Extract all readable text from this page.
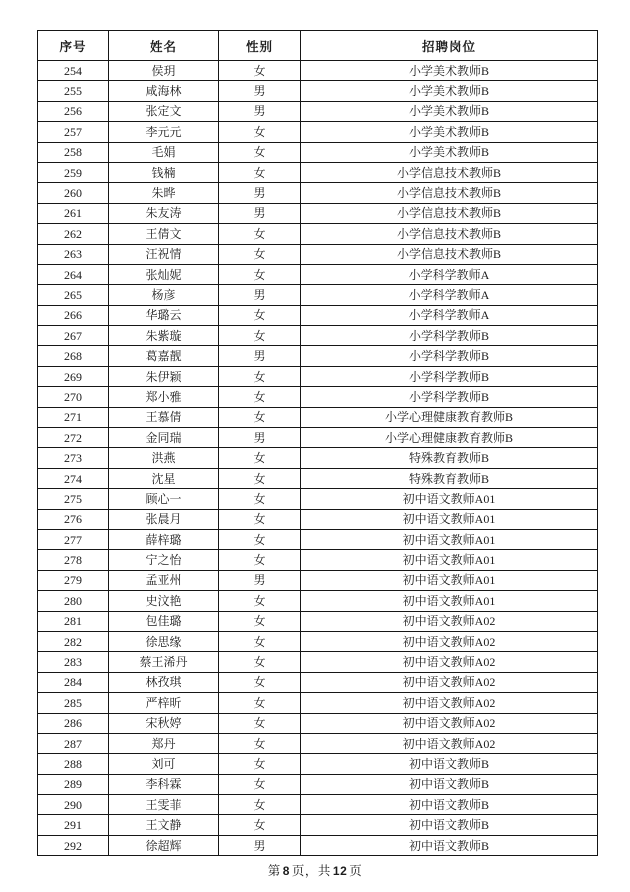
序号	姓名	性别	招聘岗位
254	侯玥	女	小学美术教师B
255	咸海林	男	小学美术教师B
256	张定文	男	小学美术教师B
257	李元元	女	小学美术教师B
258	毛娟	女	小学美术教师B
259	钱楠	女	小学信息技术教师B
260	朱晔	男	小学信息技术教师B
261	朱友涛	男	小学信息技术教师B
262	王倩文	女	小学信息技术教师B
263	汪祝情	女	小学信息技术教师B
264	张灿妮	女	小学科学教师A
265	杨彦	男	小学科学教师A
266	华璐云	女	小学科学教师A
267	朱紫璇	女	小学科学教师B
268	葛嘉靓	男	小学科学教师B
269	朱伊颖	女	小学科学教师B
270	郑小雅	女	小学科学教师B
271	王慕倩	女	小学心理健康教育教师B
272	金同瑞	男	小学心理健康教育教师B
273	洪燕	女	特殊教育教师B
274	沈星	女	特殊教育教师B
275	顾心一	女	初中语文教师A01
276	张晨月	女	初中语文教师A01
277	薛梓璐	女	初中语文教师A01
278	宁之怡	女	初中语文教师A01
279	孟亚州	男	初中语文教师A01
280	史汶艳	女	初中语文教师A01
281	包佳璐	女	初中语文教师A02
282	徐思缘	女	初中语文教师A02
283	蔡王浠丹	女	初中语文教师A02
284	林孜琪	女	初中语文教师A02
285	严梓昕	女	初中语文教师A02
286	宋秋婷	女	初中语文教师A02
287	郑丹	女	初中语文教师A02
288	刘可	女	初中语文教师B
289	李科霖	女	初中语文教师B
290	王雯菲	女	初中语文教师B
291	王文静	女	初中语文教师B
292	徐超辉	男	初中语文教师B
第 8 页，共 12 页
